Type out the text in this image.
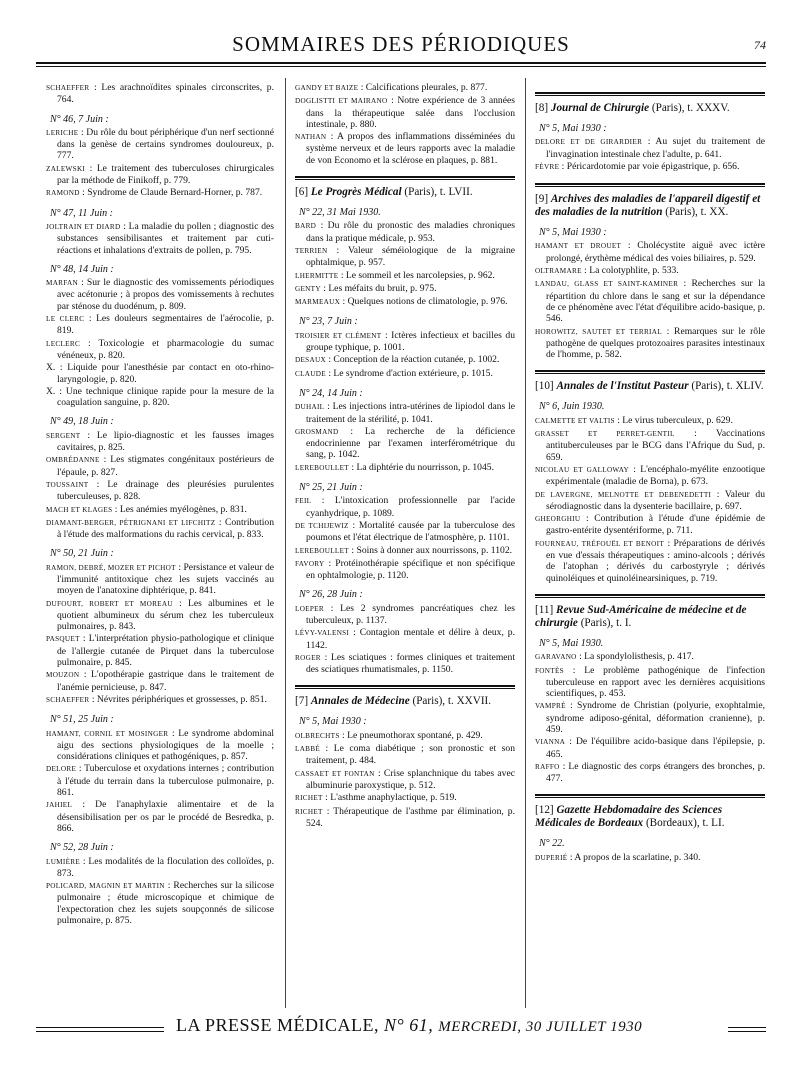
SOMMAIRES DES PÉRIODIQUES	74
SCHAEFFER : Les arachnoïdites spinales circonscrites, p. 764.
N° 46, 7 Juin :
LERICHE : Du rôle du bout périphérique d'un nerf sectionné dans la genèse de certains syndromes douloureux, p. 777.
ZALEWSKI : Le traitement des tuberculoses chirurgicales par la méthode de Finikoff, p. 779.
RAMOND : Syndrome de Claude Bernard-Horner, p. 787.
N° 47, 11 Juin :
JOLTRAIN ET DIARD : La maladie du pollen ; diagnostic des substances sensibilisantes et traitement par cuti-réactions et inhalations d'extraits de pollen, p. 795.
N° 48, 14 Juin :
MARFAN : Sur le diagnostic des vomissements périodiques avec acétonurie ; à propos des vomissements à rechutes par sténose du duodénum, p. 809.
LE CLERC : Les douleurs segmentaires de l'aérocolie, p. 819.
LECLERC : Toxicologie et pharmacologie du sumac vénéneux, p. 820.
X. : Liquide pour l'anesthésie par contact en oto-rhino-laryngologie, p. 820.
X. : Une technique clinique rapide pour la mesure de la coagulation sanguine, p. 820.
N° 49, 18 Juin :
SERGENT : Le lipio-diagnostic et les fausses images cavitaires, p. 825.
OMBRÉDANNE : Les stigmates congénitaux postérieurs de l'épaule, p. 827.
TOUSSAINT : Le drainage des pleurésies purulentes tuberculeuses, p. 828.
MACH ET KLAGES : Les anémies myélogènes, p. 831.
DIAMANT-BERGER, PÉTRIGNANI ET LIFCHITZ : Contribution à l'étude des malformations du rachis cervical, p. 833.
N° 50, 21 Juin :
RAMON, DEBRÉ, MOZER ET PICHOT : Persistance et valeur de l'immunité antitoxique chez les sujets vaccinés au moyen de l'anatoxine diphtérique, p. 841.
DUFOURT, ROBERT ET MOREAU : Les albumines et le quotient albumineux du sérum chez les tuberculeux pulmonaires, p. 843.
PASQUET : L'interprétation physio-pathologique et clinique de l'allergie cutanée de Pirquet dans la tuberculose pulmonaire, p. 845.
MOUZON : L'opothérapie gastrique dans le traitement de l'anémie pernicieuse, p. 847.
SCHAEFFER : Névrites périphériques et grossesses, p. 851.
N° 51, 25 Juin :
HAMANT, CORNIL ET MOSINGER : Le syndrome abdominal aigu des sections physiologiques de la moelle ; considérations cliniques et pathogéniques, p. 857.
DELORE : Tuberculose et oxydations internes ; contribution à l'étude du terrain dans la tuberculose pulmonaire, p. 861.
JAHIEL : De l'anaphylaxie alimentaire et de la désensibilisation per os par le procédé de Besredka, p. 866.
N° 52, 28 Juin :
LUMIÈRE : Les modalités de la floculation des colloïdes, p. 873.
POLICARD, MAGNIN ET MARTIN : Recherches sur la silicose pulmonaire ; étude microscopique et chimique de l'expectoration chez les sujets soupçonnés de silicose pulmonaire, p. 875.
GANDY ET BAIZE : Calcifications pleurales, p. 877.
DOGLISTTI ET MAIRANO : Notre expérience de 3 années dans la thérapeutique salée dans l'occlusion intestinale, p. 880.
NATHAN : A propos des inflammations disséminées du système nerveux et de leurs rapports avec la maladie de von Economo et la sclérose en plaques, p. 881.
[6] Le Progrès Médical (Paris), t. LVII.
N° 22, 31 Mai 1930.
BARD : Du rôle du pronostic des maladies chroniques dans la pratique médicale, p. 953.
TERRIEN : Valeur séméiologique de la migraine ophtalmique, p. 957.
LHERMITTE : Le sommeil et les narcolepsies, p. 962.
GENTY : Les méfaits du bruit, p. 975.
MARMEAUX : Quelques notions de climatologie, p. 976.
N° 23, 7 Juin :
TROISIER ET CLÉMENT : Ictères infectieux et bacilles du groupe typhique, p. 1001.
DESAUX : Conception de la réaction cutanée, p. 1002.
CLAUDE : Le syndrome d'action extérieure, p. 1015.
N° 24, 14 Juin :
DUHAIL : Les injections intra-utérines de lipiodol dans le traitement de la stérilité, p. 1041.
GROSMAND : La recherche de la déficience endocrinienne par l'examen interférométrique du sang, p. 1042.
LEREBOULLET : La diphtérie du nourrisson, p. 1045.
N° 25, 21 Juin :
FEIL : L'intoxication professionnelle par l'acide cyanhydrique, p. 1089.
DE TCHIJEWIZ : Mortalité causée par la tuberculose des poumons et l'état électrique de l'atmosphère, p. 1101.
LEREBOULLET : Soins à donner aux nourrissons, p. 1102.
FAVORY : Protéinothérapie spécifique et non spécifique en ophtalmologie, p. 1120.
N° 26, 28 Juin :
LOEPER : Les 2 syndromes pancréatiques chez les tuberculeux, p. 1137.
LÉVY-VALENSI : Contagion mentale et délire à deux, p. 1142.
ROGER : Les sciatiques : formes cliniques et traitement des sciatiques rhumatismales, p. 1150.
[7] Annales de Médecine (Paris), t. XXVII.
N° 5, Mai 1930 :
OLBRECHTS : Le pneumothorax spontané, p. 429.
LABBÉ : Le coma diabétique ; son pronostic et son traitement, p. 484.
CASSAET ET FONTAN : Crise splanchnique du tabes avec albuminurie paroxystique, p. 512.
RICHET : L'asthme anaphylactique, p. 519.
RICHET : Thérapeutique de l'asthme par élimination, p. 524.
[8] Journal de Chirurgie (Paris), t. XXXV.
N° 5, Mai 1930 :
DELORE ET DE GIRARDIER : Au sujet du traitement de l'invagination intestinale chez l'adulte, p. 641.
FÈVRE : Péricardotomie par voie épigastrique, p. 656.
[9] Archives des maladies de l'appareil digestif et des maladies de la nutrition (Paris), t. XX.
N° 5, Mai 1930 :
HAMANT ET DROUET : Cholécystite aiguë avec ictère prolongé, érythème médical des voies biliaires, p. 529.
OLTRAMARE : La colotyphlite, p. 533.
LANDAU, GLASS ET SAINT-KAMINER : Recherches sur la répartition du chlore dans le sang et sur la dépendance de ce phénomène avec l'état d'équilibre acido-basique, p. 546.
HOROWITZ, SAUTET ET TERRIAL : Remarques sur le rôle pathogène de quelques protozoaires parasites intestinaux de l'homme, p. 582.
[10] Annales de l'Institut Pasteur (Paris), t. XLIV.
N° 6, Juin 1930.
CALMETTE ET VALTIS : Le virus tuberculeux, p. 629.
GRASSET ET PERRET-GENTIL : Vaccinations antituberculeuses par le BCG dans l'Afrique du Sud, p. 659.
NICOLAU ET GALLOWAY : L'encéphalo-myélite enzootique expérimentale (maladie de Borna), p. 673.
DE LAVERGNE, MELNOTTE ET DEBENEDETTI : Valeur du sérodiagnostic dans la dysenterie bacillaire, p. 697.
GHEORGHIU : Contribution à l'étude d'une épidémie de gastro-entérite dysentériforme, p. 711.
FOURNEAU, TRÉFOUËL ET BENOIT : Préparations de dérivés en vue d'essais thérapeutiques : amino-alcools ; dérivés de l'atophan ; dérivés du carbostyryle ; dérivés quinoléiques et quinoléinearsiniques, p. 719.
[11] Revue Sud-Américaine de médecine et de chirurgie (Paris), t. I.
N° 5, Mai 1930.
GARAVANO : La spondylolisthesis, p. 417.
FONTÈS : Le problème pathogénique de l'infection tuberculeuse en rapport avec les dernières acquisitions scientifiques, p. 453.
VAMPRÉ : Syndrome de Christian (polyurie, exophtalmie, syndrome adiposo-génital, déformation cranienne), p. 459.
VIANNA : De l'équilibre acido-basique dans l'épilepsie, p. 465.
RAFFO : Le diagnostic des corps étrangers des bronches, p. 477.
[12] Gazette Hebdomadaire des Sciences Médicales de Bordeaux (Bordeaux), t. LI.
N° 22.
DUPERIÉ : A propos de la scarlatine, p. 340.
LA PRESSE MÉDICALE, N° 61, MERCREDI, 30 JUILLET 1930
